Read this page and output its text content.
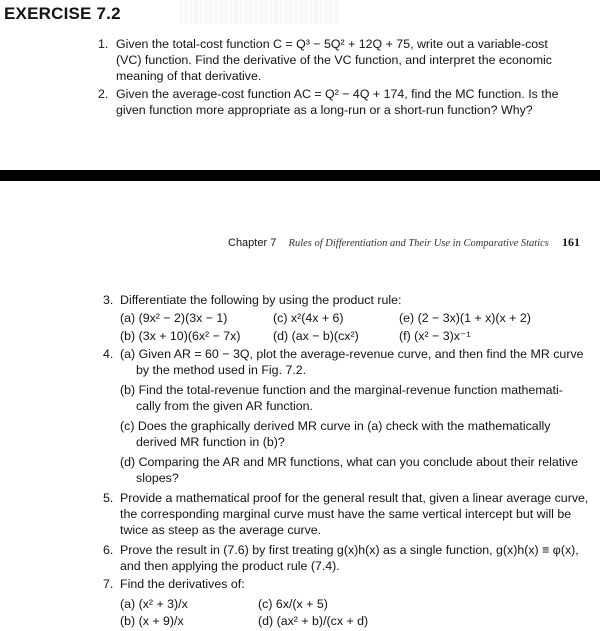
EXERCISE 7.2
1. Given the total-cost function C = Q³ − 5Q² + 12Q + 75, write out a variable-cost
(VC) function. Find the derivative of the VC function, and interpret the economic
meaning of that derivative.
2. Given the average-cost function AC = Q² − 4Q + 174, find the MC function. Is the
given function more appropriate as a long-run or a short-run function? Why?
Chapter 7 Rules of Differentiation and Their Use in Comparative Statics 161
3. Differentiate the following by using the product rule:
(a) (9x² − 2)(3x − 1)	(c) x²(4x + 6)	(e) (2 − 3x)(1 + x)(x + 2)
(b) (3x + 10)(6x² − 7x)	(d) (ax − b)(cx²)	(f) (x² − 3)x⁻¹
4. (a) Given AR = 60 − 3Q, plot the average-revenue curve, and then find the MR curve
by the method used in Fig. 7.2.
(b) Find the total-revenue function and the marginal-revenue function mathemati-
cally from the given AR function.
(c) Does the graphically derived MR curve in (a) check with the mathematically
derived MR function in (b)?
(d) Comparing the AR and MR functions, what can you conclude about their relative
slopes?
5. Provide a mathematical proof for the general result that, given a linear average curve,
the corresponding marginal curve must have the same vertical intercept but will be
twice as steep as the average curve.
6. Prove the result in (7.6) by first treating g(x)h(x) as a single function, g(x)h(x) ≡ φ(x),
and then applying the product rule (7.4).
7. Find the derivatives of:
(a) (x² + 3)/x	(c) 6x/(x + 5)
(b) (x + 9)/x	(d) (ax² + b)/(cx + d)
